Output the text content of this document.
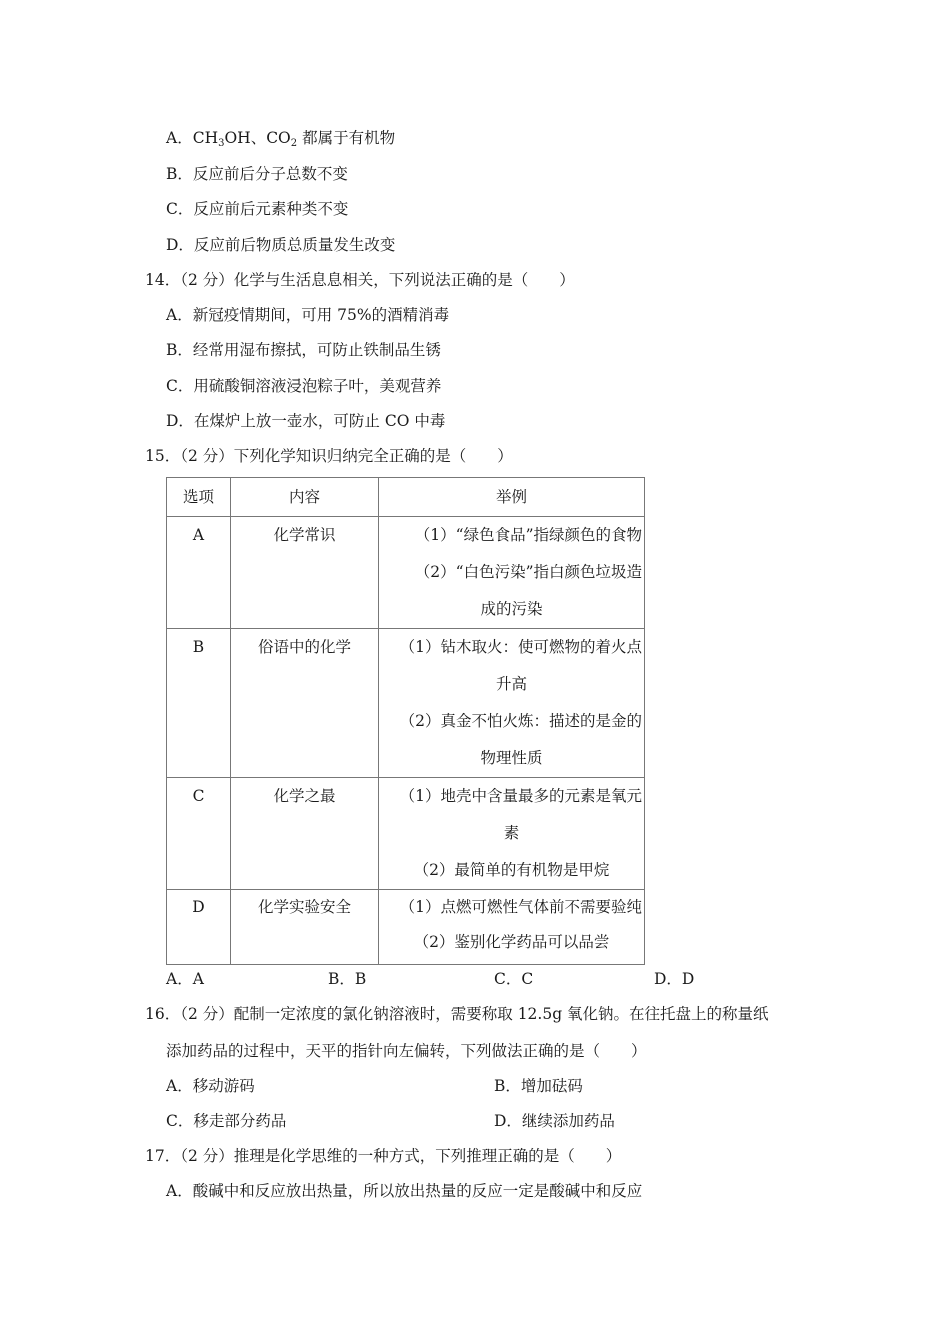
A．$CH_3OH$、$CO_2$ 都属于有机物
B．反应前后分子总数不变
C．反应前后元素种类不变
D．反应前后物质总质量发生改变
14．（2 分）化学与生活息息相关，下列说法正确的是（　　）
A．新冠疫情期间，可用 75%的酒精消毒
B．经常用湿布擦拭，可防止铁制品生锈
C．用硫酸铜溶液浸泡粽子叶，美观营养
D．在煤炉上放一壶水，可防止 CO 中毒
15．（2 分）下列化学知识归纳完全正确的是（　　）
选项	内容	举例

A	化学常识	（1）“绿色食品”指绿颜色的食物
（2）“白色污染”指白颜色垃圾造
成的污染

B	俗语中的化学	（1）钻木取火：使可燃物的着火点
升高
（2）真金不怕火炼：描述的是金的
物理性质

C	化学之最	（1）地壳中含量最多的元素是氧元
素
（2）最简单的有机物是甲烷

D	化学实验安全	（1）点燃可燃性气体前不需要验纯
（2）鉴别化学药品可以品尝
A．A	B．B	C．C	D．D
16．（2 分）配制一定浓度的氯化钠溶液时，需要称取 12.5g 氧化钠。在往托盘上的称量纸
添加药品的过程中，天平的指针向左偏转，下列做法正确的是（　　）
A．移动游码	B．增加砝码
C．移走部分药品	D．继续添加药品
17．（2 分）推理是化学思维的一种方式，下列推理正确的是（　　）
A．酸碱中和反应放出热量，所以放出热量的反应一定是酸碱中和反应
